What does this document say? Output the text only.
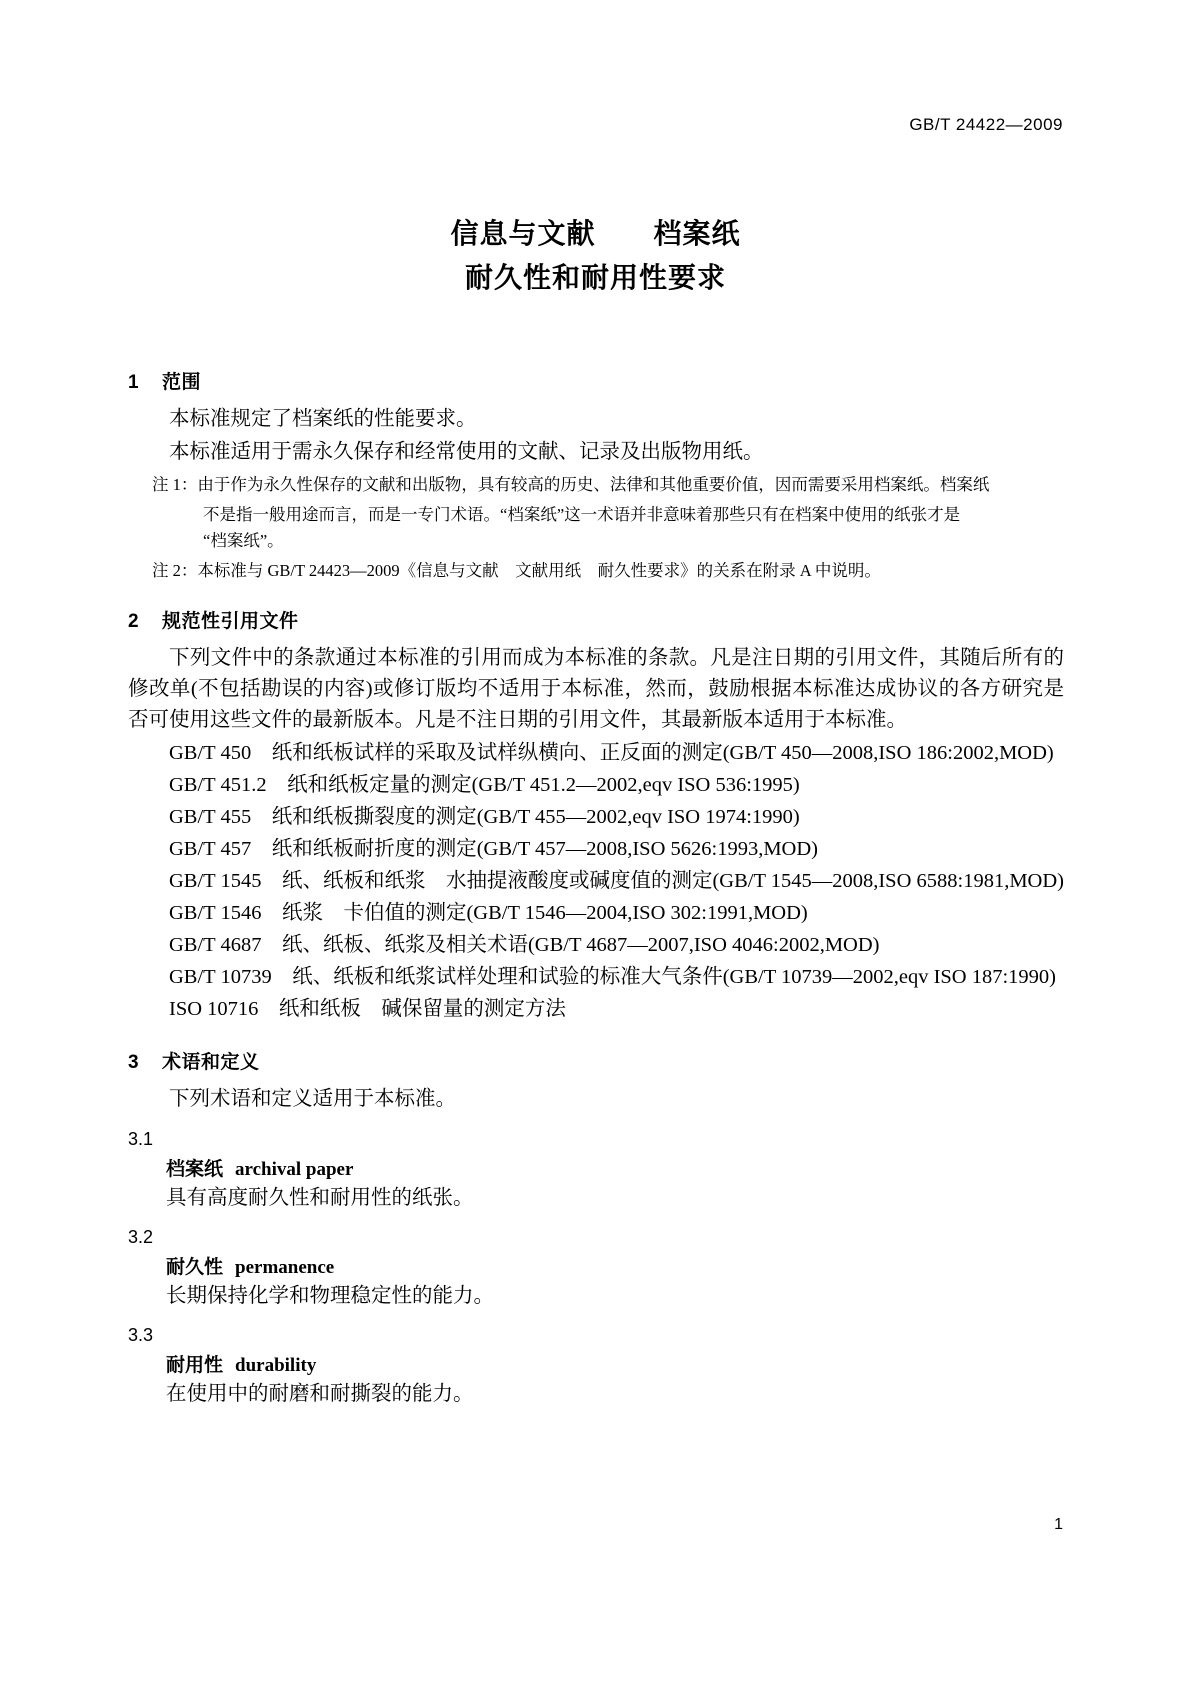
GB/T 24422—2009
信息与文献　　档案纸
耐久性和耐用性要求
1 范围
本标准规定了档案纸的性能要求。
本标准适用于需永久保存和经常使用的文献、记录及出版物用纸。
注 1：由于作为永久性保存的文献和出版物，具有较高的历史、法律和其他重要价值，因而需要采用档案纸。档案纸
不是指一般用途而言，而是一专门术语。“档案纸”这一术语并非意味着那些只有在档案中使用的纸张才是
“档案纸”。
注 2：本标准与 GB/T 24423—2009《信息与文献　文献用纸　耐久性要求》的关系在附录 A 中说明。
2 规范性引用文件
下列文件中的条款通过本标准的引用而成为本标准的条款。凡是注日期的引用文件，其随后所有的修改单(不包括勘误的内容)或修订版均不适用于本标准，然而，鼓励根据本标准达成协议的各方研究是否可使用这些文件的最新版本。凡是不注日期的引用文件，其最新版本适用于本标准。
GB/T 450　纸和纸板试样的采取及试样纵横向、正反面的测定(GB/T 450—2008,ISO 186:2002,MOD)
GB/T 451.2　纸和纸板定量的测定(GB/T 451.2—2002,eqv ISO 536:1995)
GB/T 455　纸和纸板撕裂度的测定(GB/T 455—2002,eqv ISO 1974:1990)
GB/T 457　纸和纸板耐折度的测定(GB/T 457—2008,ISO 5626:1993,MOD)
GB/T 1545　纸、纸板和纸浆　水抽提液酸度或碱度值的测定(GB/T 1545—2008,ISO 6588:1981,MOD)
GB/T 1546　纸浆　卡伯值的测定(GB/T 1546—2004,ISO 302:1991,MOD)
GB/T 4687　纸、纸板、纸浆及相关术语(GB/T 4687—2007,ISO 4046:2002,MOD)
GB/T 10739　纸、纸板和纸浆试样处理和试验的标准大气条件(GB/T 10739—2002,eqv ISO 187:1990)
ISO 10716　纸和纸板　碱保留量的测定方法
3 术语和定义
下列术语和定义适用于本标准。
3.1
档案纸 archival paper
具有高度耐久性和耐用性的纸张。
3.2
耐久性 permanence
长期保持化学和物理稳定性的能力。
3.3
耐用性 durability
在使用中的耐磨和耐撕裂的能力。
1
